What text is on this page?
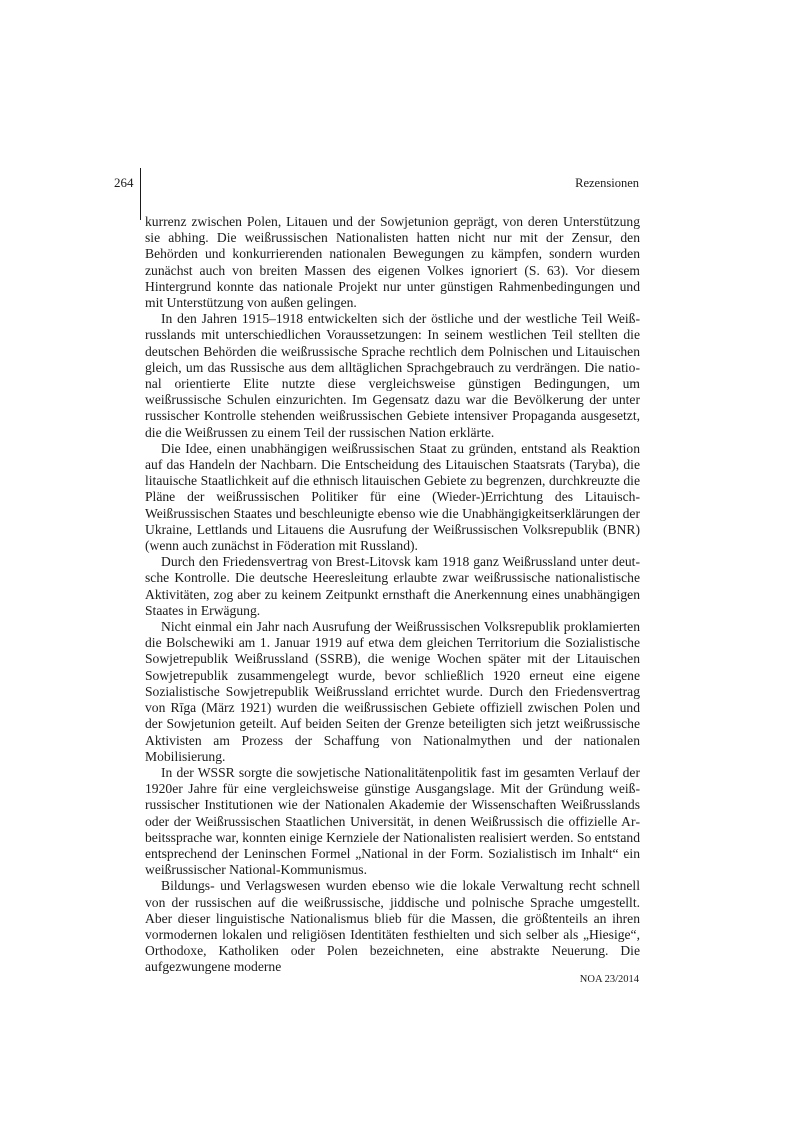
264	Rezensionen

kurrenz zwischen Polen, Litauen und der Sowjetunion geprägt, von deren Unterstützung sie abhing. Die weißrussischen Nationalisten hatten nicht nur mit der Zensur, den Behörden und konkurrierenden nationalen Bewegungen zu kämpfen, sondern wurden zunächst auch von breiten Massen des eigenen Volkes ignoriert (S. 63). Vor diesem Hintergrund konnte das nationale Projekt nur unter günstigen Rahmenbedingungen und mit Unterstützung von außen gelingen.

In den Jahren 1915–1918 entwickelten sich der östliche und der westliche Teil Weißrusslands mit unterschiedlichen Voraussetzungen: In seinem westlichen Teil stellten die deutschen Behörden die weißrussische Sprache rechtlich dem Polnischen und Litauischen gleich, um das Russische aus dem alltäglichen Sprachgebrauch zu verdrängen. Die national orientierte Elite nutzte diese vergleichsweise günstigen Bedingungen, um weißrussische Schulen einzurichten. Im Gegensatz dazu war die Bevölkerung der unter russischer Kontrolle stehenden weißrussischen Gebiete intensiver Propaganda ausgesetzt, die die Weißrussen zu einem Teil der russischen Nation erklärte.

Die Idee, einen unabhängigen weißrussischen Staat zu gründen, entstand als Reaktion auf das Handeln der Nachbarn. Die Entscheidung des Litauischen Staatsrats (Taryba), die litauische Staatlichkeit auf die ethnisch litauischen Gebiete zu begrenzen, durchkreuzte die Pläne der weißrussischen Politiker für eine (Wieder-)Errichtung des Litauisch-Weißrussischen Staates und beschleunigte ebenso wie die Unabhängigkeitserklärungen der Ukraine, Lettlands und Litauens die Ausrufung der Weißrussischen Volksrepublik (BNR) (wenn auch zunächst in Föderation mit Russland).

Durch den Friedensvertrag von Brest-Litovsk kam 1918 ganz Weißrussland unter deutsche Kontrolle. Die deutsche Heeresleitung erlaubte zwar weißrussische nationalistische Aktivitäten, zog aber zu keinem Zeitpunkt ernsthaft die Anerkennung eines unabhängigen Staates in Erwägung.

Nicht einmal ein Jahr nach Ausrufung der Weißrussischen Volksrepublik proklamierten die Bolschewiki am 1. Januar 1919 auf etwa dem gleichen Territorium die Sozialistische Sowjetrepublik Weißrussland (SSRB), die wenige Wochen später mit der Litauischen Sowjetrepublik zusammengelegt wurde, bevor schließlich 1920 erneut eine eigene Sozialistische Sowjetrepublik Weißrussland errichtet wurde. Durch den Friedensvertrag von Rīga (März 1921) wurden die weißrussischen Gebiete offiziell zwischen Polen und der Sowjetunion geteilt. Auf beiden Seiten der Grenze beteiligten sich jetzt weißrussische Aktivisten am Prozess der Schaffung von Nationalmythen und der nationalen Mobilisierung.

In der WSSR sorgte die sowjetische Nationalitätenpolitik fast im gesamten Verlauf der 1920er Jahre für eine vergleichsweise günstige Ausgangslage. Mit der Gründung weißrussischer Institutionen wie der Nationalen Akademie der Wissenschaften Weißrusslands oder der Weißrussischen Staatlichen Universität, in denen Weißrussisch die offizielle Arbeitssprache war, konnten einige Kernziele der Nationalisten realisiert werden. So entstand entsprechend der Leninschen Formel „National in der Form. Sozialistisch im Inhalt“ ein weißrussischer National-Kommunismus.

Bildungs- und Verlagswesen wurden ebenso wie die lokale Verwaltung recht schnell von der russischen auf die weißrussische, jiddische und polnische Sprache umgestellt. Aber dieser linguistische Nationalismus blieb für die Massen, die größtenteils an ihren vormodernen lokalen und religiösen Identitäten festhielten und sich selber als „Hiesige“, Orthodoxe, Katholiken oder Polen bezeichneten, eine abstrakte Neuerung. Die aufgezwungene moderne

NOA 23/2014
